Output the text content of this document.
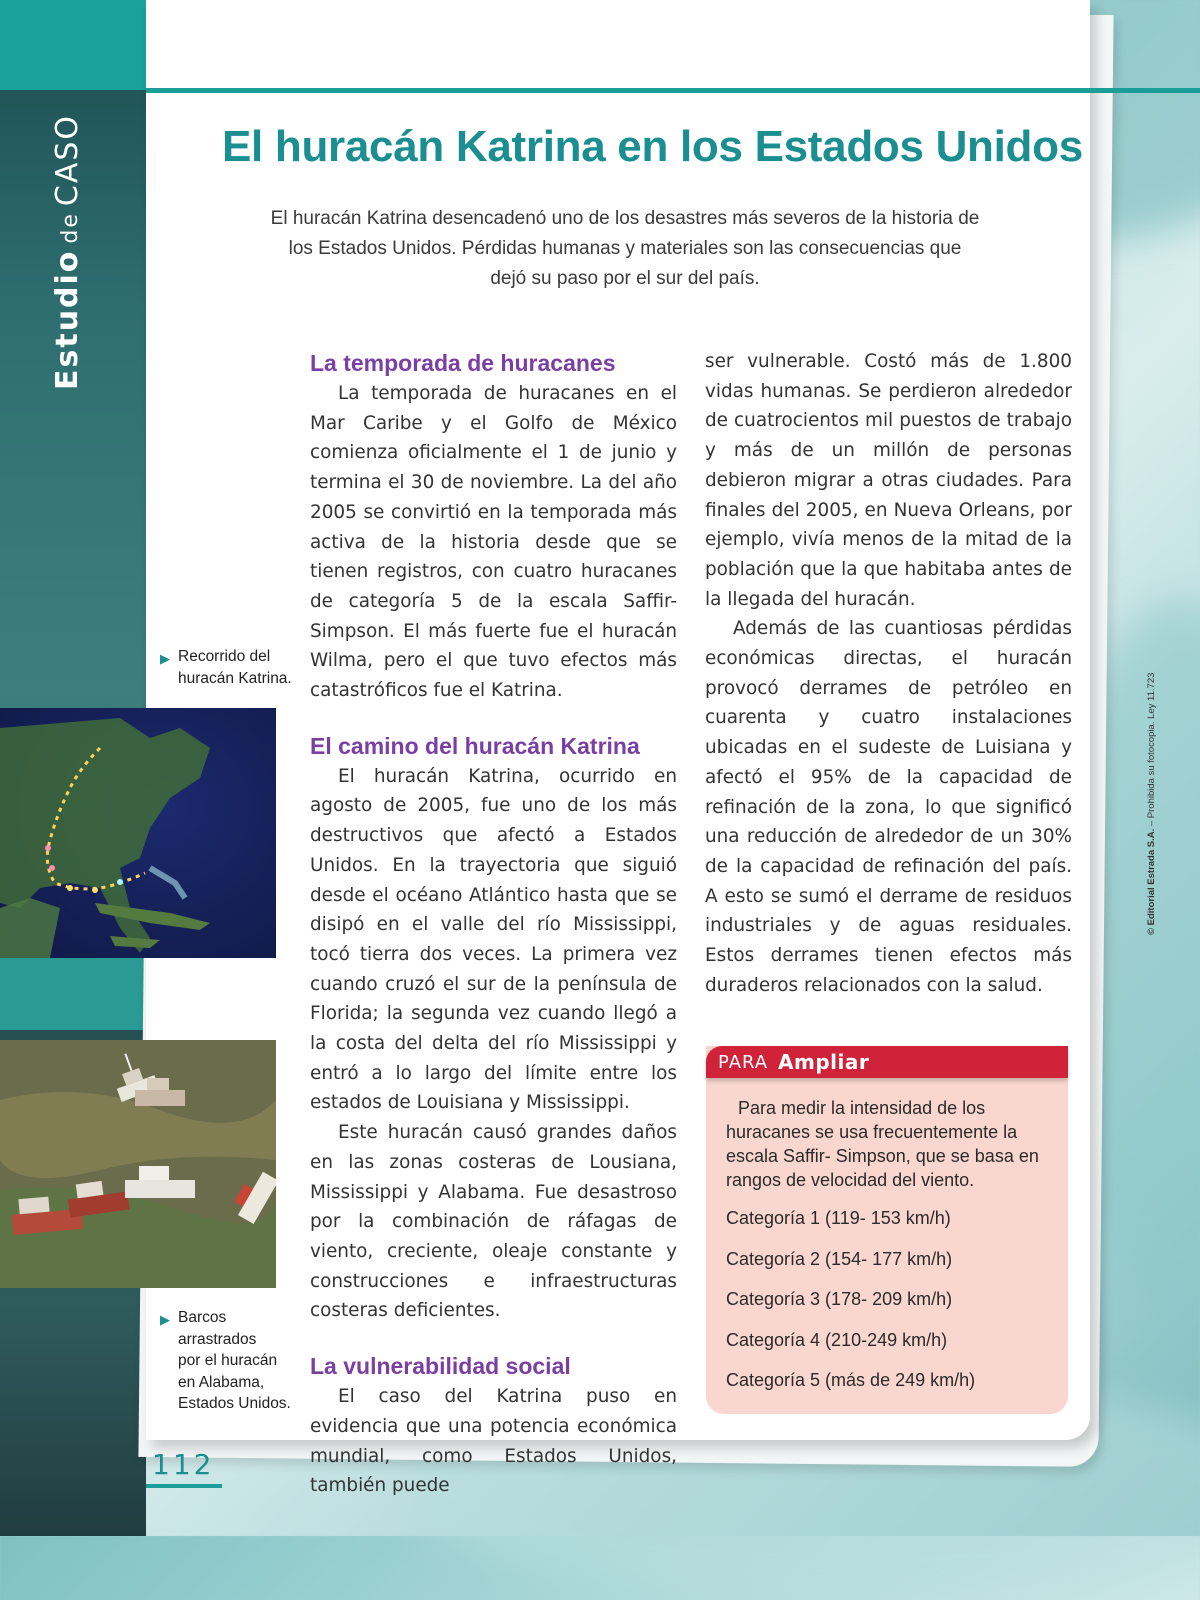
EstudiodeCASO	El huracán Katrina en los Estados Unidos
El huracán Katrina desencadenó uno de los desastres más severos de la historia de los Estados Unidos. Pérdidas humanas y materiales son las consecuencias que dejó su paso por el sur del país.
La temporada de huracanes

La temporada de huracanes en el Mar Caribe y el Golfo de México comienza oficialmente el 1 de junio y termina el 30 de noviembre. La del año 2005 se convirtió en la temporada más activa de la historia desde que se tienen registros, con cuatro huracanes de categoría 5 de la escala Saffir-Simpson. El más fuerte fue el huracán Wilma, pero el que tuvo efectos más catastróficos fue el Katrina.

El camino del huracán Katrina

El huracán Katrina, ocurrido en agosto de 2005, fue uno de los más destructivos que afectó a Estados Unidos. En la trayectoria que siguió desde el océano Atlántico hasta que se disipó en el valle del río Mississippi, tocó tierra dos veces. La primera vez cuando cruzó el sur de la península de Florida; la segunda vez cuando llegó a la costa del delta del río Mississippi y entró a lo largo del límite entre los estados de Louisiana y Mississippi.

Este huracán causó grandes daños en las zonas costeras de Lousiana, Mississippi y Alabama. Fue desastroso por la combinación de ráfagas de viento, creciente, oleaje constante y construcciones e infraestructuras costeras deficientes.

La vulnerabilidad social

El caso del Katrina puso en evidencia que una potencia económica mundial, como Estados Unidos, también puede

ser vulnerable. Costó más de 1.800 vidas humanas. Se perdieron alrededor de cuatrocientos mil puestos de trabajo y más de un millón de personas debieron migrar a otras ciudades. Para finales del 2005, en Nueva Orleans, por ejemplo, vivía menos de la mitad de la población que la que habitaba antes de la llegada del huracán.

Además de las cuantiosas pérdidas económicas directas, el huracán provocó derrames de petróleo en cuarenta y cuatro instalaciones ubicadas en el sudeste de Luisiana y afectó el 95% de la capacidad de refinación de la zona, lo que significó una reducción de alrededor de un 30% de la capacidad de refinación del país. A esto se sumó el derrame de residuos industriales y de aguas residuales. Estos derrames tienen efectos más duraderos relacionados con la salud.

PARA Ampliar

Para medir la intensidad de los huracanes se usa frecuentemente la escala Saffir- Simpson, que se basa en rangos de velocidad del viento.

Categoría 1 (119- 153 km/h)

Categoría 2 (154- 177 km/h)

Categoría 3 (178- 209 km/h)

Categoría 4 (210-249 km/h)

Categoría 5 (más de 249 km/h)

▶ Recorrido del
huracán Katrina.
▶ Barcos
arrastrados
por el huracán
en Alabama,
Estados Unidos.
112
© Editorial Estrada S.A. – Prohibida su fotocopia. Ley 11.723
